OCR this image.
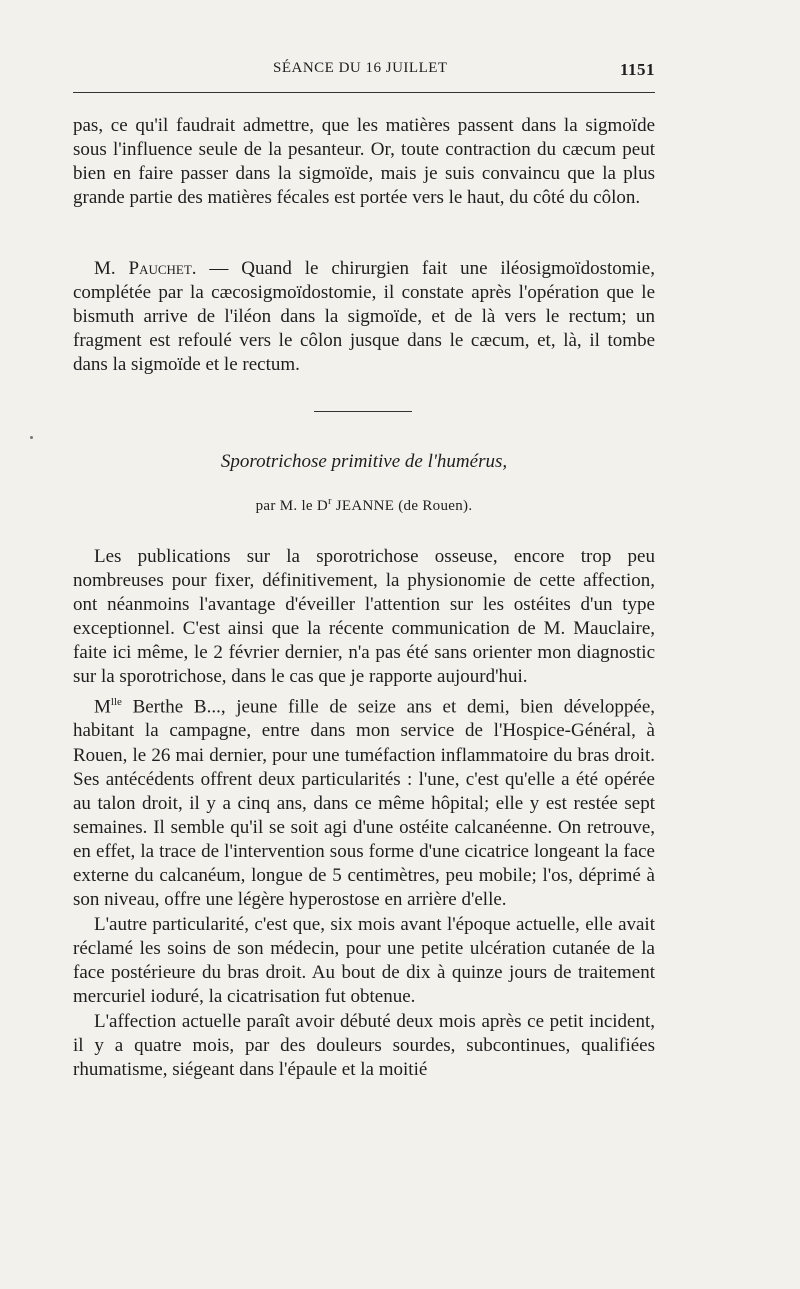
SÉANCE DU 16 JUILLET	1151

pas, ce qu'il faudrait admettre, que les matières passent dans la sigmoïde sous l'influence seule de la pesanteur. Or, toute contraction du cæcum peut bien en faire passer dans la sigmoïde, mais je suis convaincu que la plus grande partie des matières fécales est portée vers le haut, du côté du côlon.

M. Pauchet. — Quand le chirurgien fait une iléosigmoïdostomie, complétée par la cæcosigmoïdostomie, il constate après l'opération que le bismuth arrive de l'iléon dans la sigmoïde, et de là vers le rectum; un fragment est refoulé vers le côlon jusque dans le cæcum, et, là, il tombe dans la sigmoïde et le rectum.

Sporotrichose primitive de l'humérus,
par M. le $D^r$ JEANNE (de Rouen).

Les publications sur la sporotrichose osseuse, encore trop peu nombreuses pour fixer, définitivement, la physionomie de cette affection, ont néanmoins l'avantage d'éveiller l'attention sur les ostéites d'un type exceptionnel. C'est ainsi que la récente communication de M. Mauclaire, faite ici même, le 2 février dernier, n'a pas été sans orienter mon diagnostic sur la sporotrichose, dans le cas que je rapporte aujourd'hui.

$M^{lle}$ Berthe B..., jeune fille de seize ans et demi, bien développée, habitant la campagne, entre dans mon service de l'Hospice-Général, à Rouen, le 26 mai dernier, pour une tuméfaction inflammatoire du bras droit. Ses antécédents offrent deux particularités : l'une, c'est qu'elle a été opérée au talon droit, il y a cinq ans, dans ce même hôpital; elle y est restée sept semaines. Il semble qu'il se soit agi d'une ostéite calcanéenne. On retrouve, en effet, la trace de l'intervention sous forme d'une cicatrice longeant la face externe du calcanéum, longue de 5 centimètres, peu mobile; l'os, déprimé à son niveau, offre une légère hyperostose en arrière d'elle.

L'autre particularité, c'est que, six mois avant l'époque actuelle, elle avait réclamé les soins de son médecin, pour une petite ulcération cutanée de la face postérieure du bras droit. Au bout de dix à quinze jours de traitement mercuriel ioduré, la cicatrisation fut obtenue.

L'affection actuelle paraît avoir débuté deux mois après ce petit incident, il y a quatre mois, par des douleurs sourdes, subcontinues, qualifiées rhumatisme, siégeant dans l'épaule et la moitié
